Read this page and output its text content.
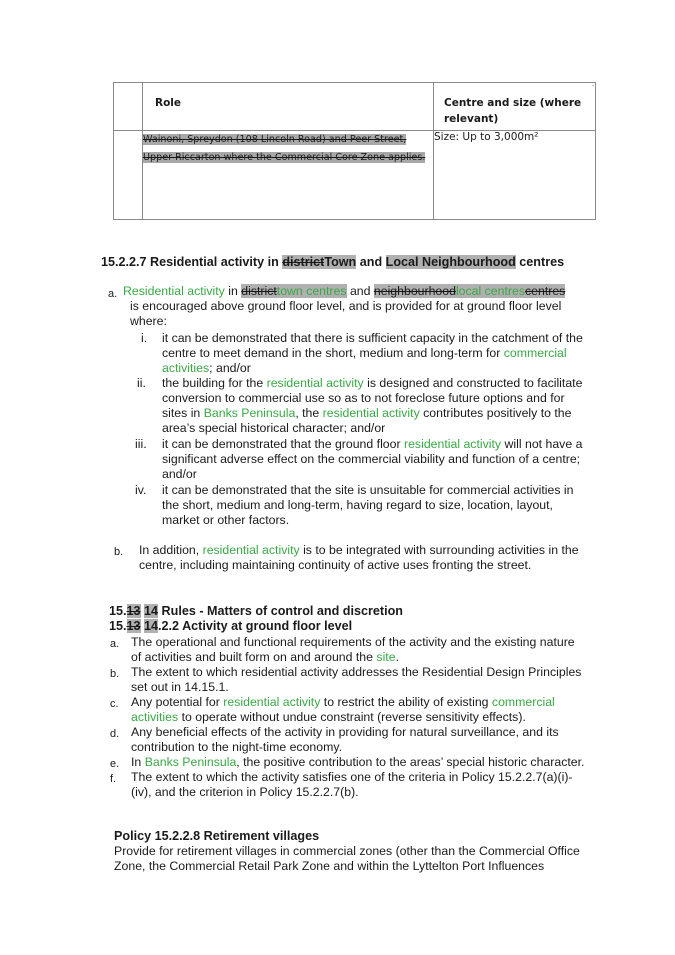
	Role	Centre and size (where relevant)
	Wainoni, Spreydon (108 Lincoln Road) and Peer Street, Upper Riccarton where the Commercial Core Zone applies.	Size: Up to 3,000m²
.
15.2.2.7 Residential activity in districtTown and Local Neighbourhood centres
a. Residential activity in districttown centres and neighbourhoodlocal centrescentres
is encouraged above ground floor level, and is provided for at ground floor level
where:
i. it can be demonstrated that there is sufficient capacity in the catchment of the
centre to meet demand in the short, medium and long-term for commercial
activities; and/or
ii. the building for the residential activity is designed and constructed to facilitate
conversion to commercial use so as to not foreclose future options and for
sites in Banks Peninsula, the residential activity contributes positively to the
area’s special historical character; and/or
iii. it can be demonstrated that the ground floor residential activity will not have a
significant adverse effect on the commercial viability and function of a centre;
and/or
iv. it can be demonstrated that the site is unsuitable for commercial activities in
the short, medium and long-term, having regard to size, location, layout,
market or other factors.
b. In addition, residential activity is to be integrated with surrounding activities in the
centre, including maintaining continuity of active uses fronting the street.
15.13 14 Rules - Matters of control and discretion
15.13 14.2.2 Activity at ground floor level
a. The operational and functional requirements of the activity and the existing nature
of activities and built form on and around the site.
b. The extent to which residential activity addresses the Residential Design Principles
set out in 14.15.1.
c. Any potential for residential activity to restrict the ability of existing commercial
activities to operate without undue constraint (reverse sensitivity effects).
d. Any beneficial effects of the activity in providing for natural surveillance, and its
contribution to the night-time economy.
e. In Banks Peninsula, the positive contribution to the areas’ special historic character.
f. The extent to which the activity satisfies one of the criteria in Policy 15.2.2.7(a)(i)-
(iv), and the criterion in Policy 15.2.2.7(b).
Policy 15.2.2.8 Retirement villages
Provide for retirement villages in commercial zones (other than the Commercial Office
Zone, the Commercial Retail Park Zone and within the Lyttelton Port Influences
